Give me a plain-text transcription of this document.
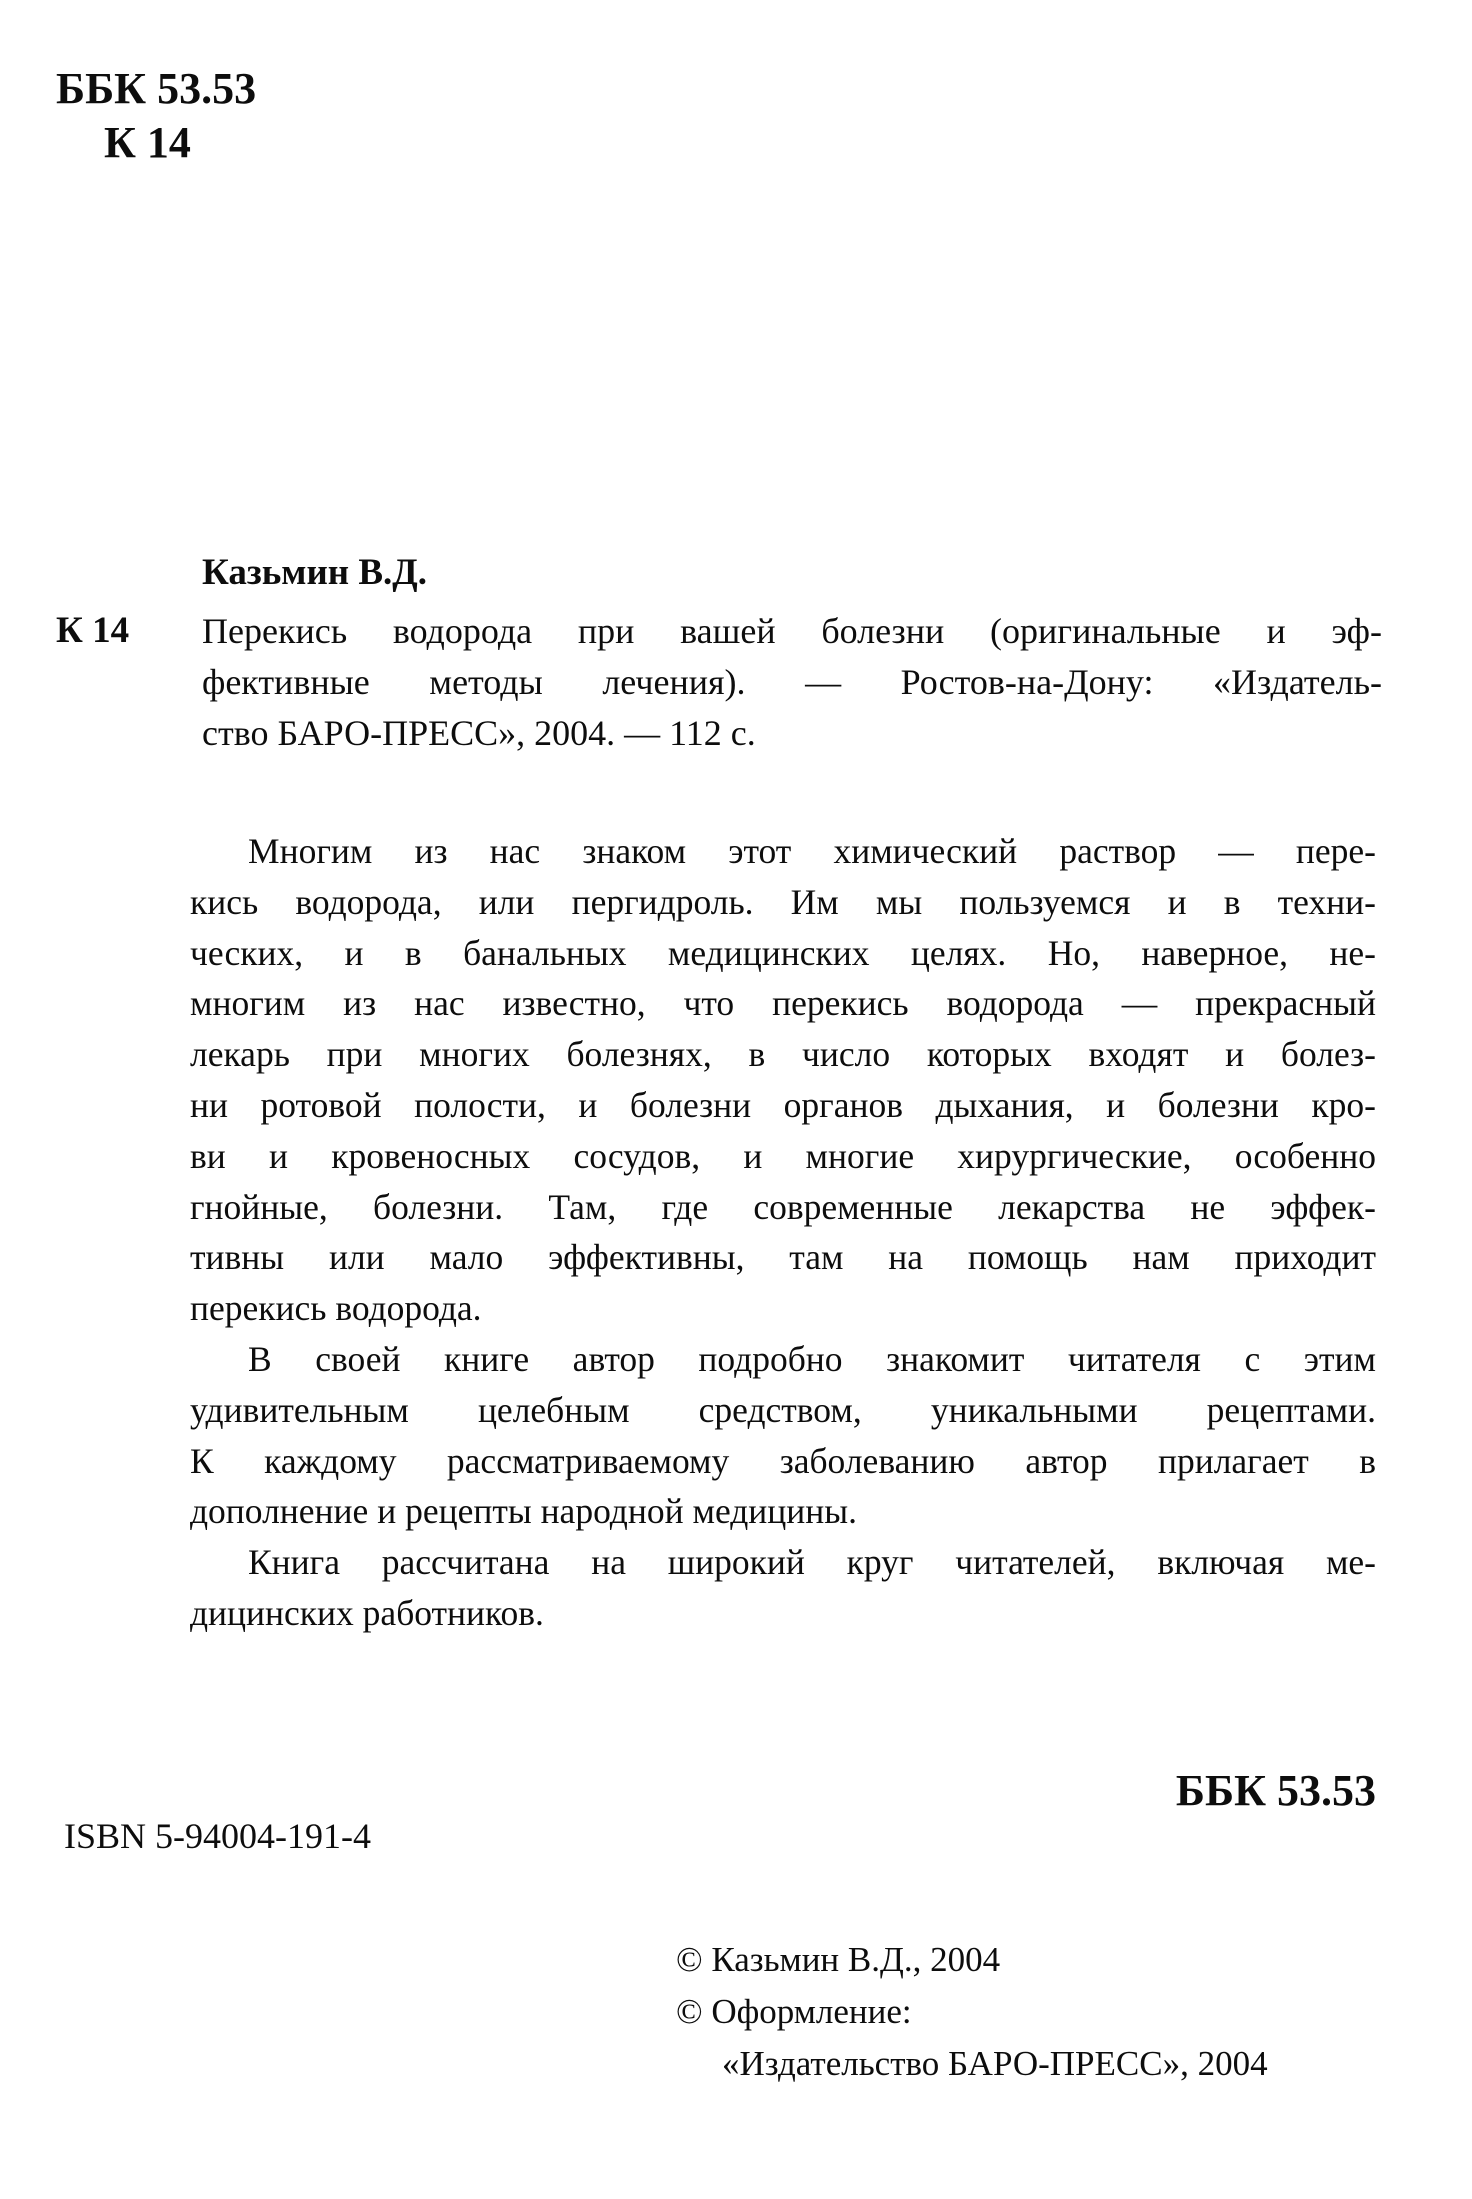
ББК 53.53
К 14

Казьмин В.Д.

К 14 Перекись водорода при вашей болезни (оригинальные и эф-
фективные методы лечения). — Ростов-на-Дону: «Издатель-
ство БАРО-ПРЕСС», 2004. — 112 с.

Многим из нас знаком этот химический раствор — пере-
кись водорода, или пергидроль. Им мы пользуемся и в техни-
ческих, и в банальных медицинских целях. Но, наверное, не-
многим из нас известно, что перекись водорода — прекрасный
лекарь при многих болезнях, в число которых входят и болез-
ни ротовой полости, и болезни органов дыхания, и болезни кро-
ви и кровеносных сосудов, и многие хирургические, особенно
гнойные, болезни. Там, где современные лекарства не эффек-
тивны или мало эффективны, там на помощь нам приходит
перекись водорода.

В своей книге автор подробно знакомит читателя с этим
удивительным целебным средством, уникальными рецептами.
К каждому рассматриваемому заболеванию автор прилагает в
дополнение и рецепты народной медицины.

Книга рассчитана на широкий круг читателей, включая ме-
дицинских работников.

ББК 53.53

ISBN 5-94004-191-4

© Казьмин В.Д., 2004
© Оформление:
«Издательство БАРО-ПРЕСС», 2004
